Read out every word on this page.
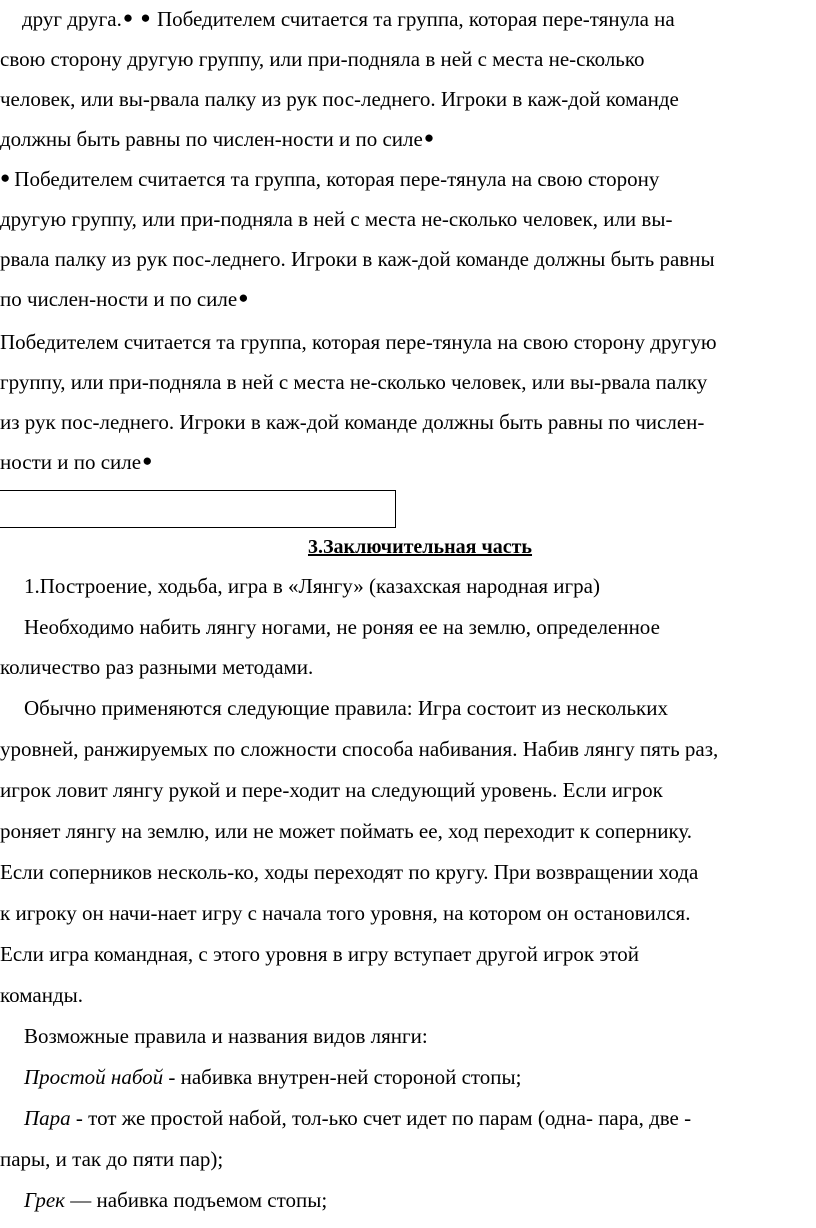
друг друга.● ● Победителем считается та группа, которая пере-тянула на
свою сторону другую группу, или при-подняла в ней с места не-сколько
человек, или вы-рвала палку из рук пос-леднего. Игроки в каж-дой команде
должны быть равны по числен-ности и по силе●
● Победителем считается та группа, которая пере-тянула на свою сторону
другую группу, или при-подняла в ней с места не-сколько человек, или вы-
рвала палку из рук пос-леднего. Игроки в каж-дой команде должны быть равны
по числен-ности и по силе●
Победителем считается та группа, которая пере-тянула на свою сторону другую
группу, или при-подняла в ней с места не-сколько человек, или вы-рвала палку
из рук пос-леднего. Игроки в каж-дой команде должны быть равны по числен-
ности и по силе●
3.Заключительная часть
1.Построение, ходьба, игра в «Лянгу» (казахская народная игра)
Необходимо набить лянгу ногами, не роняя ее на землю, определенное
количество раз разными методами.
Обычно применяются следующие правила: Игра состоит из нескольких
уровней, ранжируемых по сложности способа набивания. Набив лянгу пять раз,
игрок ловит лянгу рукой и пере-ходит на следующий уровень. Если игрок
роняет лянгу на землю, или не может поймать ее, ход переходит к сопернику.
Если соперников несколь-ко, ходы переходят по кругу. При возвращении хода
к игроку он начи-нает игру с начала того уровня, на котором он остановился.
Если игра командная, с этого уровня в игру вступает другой игрок этой
команды.
Возможные правила и названия видов лянги:
Простой набой - набивка внутрен-ней стороной стопы;
Пара - тот же простой набой, тол-ько счет идет по парам (одна- пара, две -
пары, и так до пяти пар);
Грек — набивка подъемом стопы;
